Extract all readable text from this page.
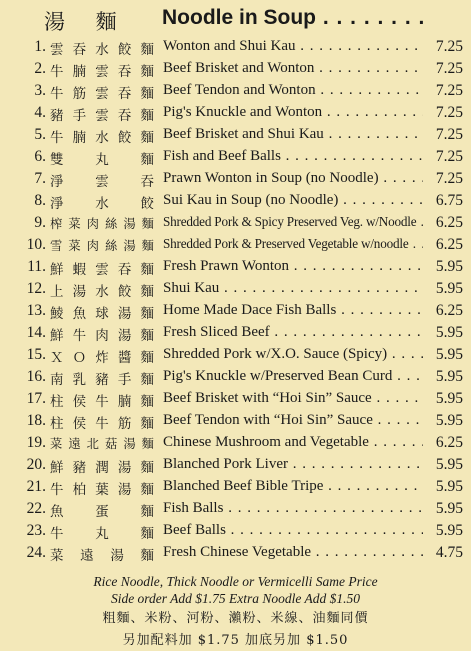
湯 麵 Noodle in Soup . . .
1. 雲 吞 水 餃 麵 Wonton and Shui Kau . . .	7.25
2. 牛 腩 雲 吞 麵 Beef Brisket and Wonton . . .	7.25
3. 牛 筋 雲 吞 麵 Beef Tendon and Wonton . . .	7.25
4. 豬 手 雲 吞 麵 Pig's Knuckle and Wonton . . .	7.25
5. 牛 腩 水 餃 麵 Beef Brisket and Shui Kau . . .	7.25
6. 雙 丸 麵 Fish and Beef Balls . . .	7.25
7. 淨 雲 吞 Prawn Wonton in Soup (no Noodle) . . .	7.25
8. 淨 水 餃 Sui Kau in Soup (no Noodle) . . .	6.75
9. 榨 菜 肉 絲 湯 麵 Shredded Pork & Spicy Preserved Veg. w/Noodle . . .	6.25
10. 雪 菜 肉 絲 湯 麵 Shredded Pork & Preserved Vegetable w/noodle . . .	6.25
11. 鮮 蝦 雲 吞 麵 Fresh Prawn Wonton . . .	5.95
12. 上 湯 水 餃 麵 Shui Kau . . .	5.95
13. 鯪 魚 球 湯 麵 Home Made Dace Fish Balls . . .	6.25
14. 鮮 牛 肉 湯 麵 Fresh Sliced Beef . . .	5.95
15. Ｘ Ｏ 炸 醬 麵 Shredded Pork w/X.O. Sauce (Spicy) . . .	5.95
16. 南 乳 豬 手 麵 Pig's Knuckle w/Preserved Bean Curd . . .	5.95
17. 柱 侯 牛 腩 麵 Beef Brisket with “Hoi Sin” Sauce . . .	5.95
18. 柱 侯 牛 筋 麵 Beef Tendon with “Hoi Sin” Sauce . . .	5.95
19. 菜 遠 北 菇 湯 麵 Chinese Mushroom and Vegetable . . .	6.25
20. 鮮 豬 潤 湯 麵 Blanched Pork Liver . . .	5.95
21. 牛 柏 葉 湯 麵 Blanched Beef Bible Tripe . . .	5.95
22. 魚 蛋 麵 Fish Balls . . .	5.95
23. 牛 丸 麵 Beef Balls . . .	5.95
24. 菜 遠 湯 麵 Fresh Chinese Vegetable . . .	4.75
Rice Noodle, Thick Noodle or Vermicelli Same Price
Side order Add $1.75 Extra Noodle Add $1.50
粗麵、米粉、河粉、瀨粉、米線、油麵同價
另加配料加 $1.75 加底另加 $1.50
